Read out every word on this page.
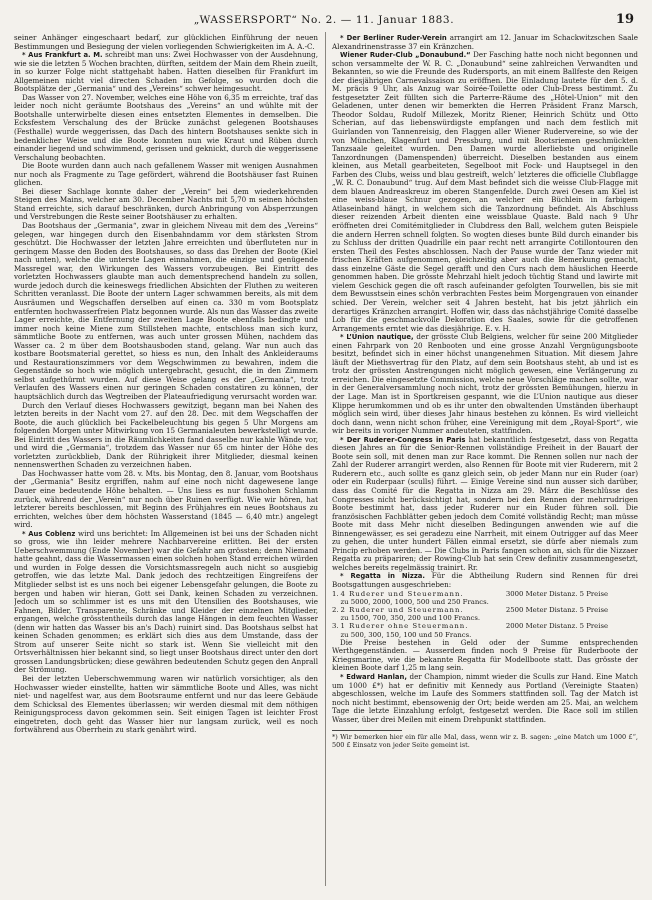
„WASSERSPORT“ No. 2. — 11. Januar 1883.	19

seiner Anhänger eingeschaart bedarf, zur glücklichen Einführung der neuen Bestimmungen und Besiegung der vielen vorliegenden Schwierigkeiten im A. A.-C.

* Aus Frankfurt a. M. schreibt man uns: Zwei Hochwasser von der Ausdehnung, wie sie die letzten 5 Wochen brachten, dürften, seitdem der Main dem Rhein zueilt, in so kurzer Folge nicht stattgehabt haben. Hatten dieselben für Frankfurt im Allgemeinen nicht viel directen Schaden im Gefolge, so wurden doch die Bootsplätze der „Germania“ und des „Vereins“ schwer heimgesucht.

Das Wasser von 27. November, welches eine Höhe von 6,35 m erreichte, traf das leider noch nicht geräumte Bootshaus des „Vereins“ an und wühlte mit der Bootshalle unterwirbelte diesen eines entsetzten Elementes in demselben. Die Ecksfestem Verschalung des der Brücke zunächst gelegenen Bootshauses (Festhalle) wurde weggerissen, das Dach des hintern Bootshauses senkte sich in bedenklicher Weise und die Boote konnten nun wie Kraut und Rüben durch einander liegend und schwimmend, gerissen und geknickt, durch die weggerissene Verschalung beobachten.

Die Boote wurden dann auch nach gefallenem Wasser mit wenigen Ausnahmen nur noch als Fragmente zu Tage gefördert, während die Bootshäuser fast Ruinen glichen.

Bei dieser Sachlage konnte daher der „Verein“ bei dem wiederkehrenden Steigen des Mains, welcher am 30. December Nachts mit 5,70 m seinen höchsten Stand erreichte, sich darauf beschränken, durch Anbringung von Absperrzungen und Verstrebungen die Reste seiner Bootshäuser zu erhalten.

Das Bootshaus der „Germania“, zwar in gleichem Niveau mit dem des „Vereins“ gelegen, war hingegen durch den Eisenbahndamm vor dem stärksten Strom geschützt. Die Hochwasser der letzten Jahre erreichten und überfluteten nur in geringem Masse den Boden des Bootshauses, so dass das Drehen der Boote (Kiel nach unten), welche die unterste Lagen einnahmen, die einzige und genügende Massregel war, den Wirkungen des Wassers vorzubeugen. Bei Eintritt des vorletzten Hochwassers glaubte man auch dementsprechend handeln zu sollen, wurde jedoch durch die keineswegs friedlichen Absichten der Fluthen zu weiteren Schritten veranlasst. Die Boote der untern Lager schwammen bereits, als mit dem Ausräumen und Wegschaffen derselben auf einen ca. 330 m vom Bootsplatz entfernten hochwasserfreien Platz begonnen wurde. Als nun das Wasser das zweite Lager erreichte, die Entfernung der zweiten Lage Boote ebenfalls bedingte und immer noch keine Miene zum Stillstehen machte, entschloss man sich kurz, sämmtliche Boote zu entfernen, was auch unter grossen Mühen, nachdem das Wasser ca. 2 m über dem Bootshausboden stand, gelang. War nun auch das kostbare Bootsmaterial gerettet, so hiess es nun, den Inhalt des Ankleideraums und Restaurationszimmers vor dem Wegschwimmen zu bewahren, indem die Gegenstände so hoch wie möglich untergebracht, gesucht, die in den Zimmern selbst aufgethürmt wurden. Auf diese Weise gelang es der „Germania“, trotz Verlaufen des Wassers einen nur geringen Schaden constatiren zu können, der hauptsächlich durch das Wegtreiben der Plateaufriedigung verursacht worden war.

Durch den Verlauf dieses Hochwassers gewitzigt, begann man bei Nahen des letzten bereits in der Nacht vom 27. auf den 28. Dec. mit dem Wegschaffen der Boote, die auch glücklich bei Fackelbeleuchtung bis gegen 5 Uhr Morgens am folgenden Morgen unter Mitwirkung von 15 Germanialeuten bewerkstelligt wurde. Bei Eintritt des Wassers in die Räumlichkeiten fand dasselbe nur kahle Wände vor, und wird die „Germania“, trotzdem das Wasser nur 65 cm hinter der Höhe des vorletzten zurückblieb, Dank der Rührigkeit ihrer Mitglieder, diesmal keinen nennenswerthen Schaden zu verzeichnen haben.

Das Hochwasser hatte vom 28. v. Mts. bis Montag, den 8. Januar, vom Bootshaus der „Germania“ Besitz ergriffen, nahm auf eine noch nicht dagewesene lange Dauer eine bedeutende Höhe behalten. — Uns liess es nur fusshohen Schlamm zurück, während der „Verein“ nur noch über Ruinen verfügt. Wie wir hören, hat letzterer bereits beschlossen, mit Beginn des Frühjahres ein neues Bootshaus zu errichten, welches über dem höchsten Wasserstand (1845 — 6,40 mtr.) angelegt wird.

* Aus Coblenz wird uns berichtet: Im Allgemeinen ist bei uns der Schaden nicht so gross, wie ihn leider mehrere Nachbarvereine erlitten. Bei der ersten Ueberschwemmung (Ende November) war die Gefahr am grössten; denn Niemand hatte geahnt, dass die Wassermassen einen solchen hohen Stand erreichen würden und wurden in Folge dessen die Vorsichtsmassregeln auch nicht so ausgiebig getroffen, wie das letzte Mal. Dank jedoch des rechtzeitigen Eingreifens der Mitglieder selbst ist es uns noch bei eigener Lebensgefahr gelungen, die Boote zu bergen und haben wir hieran, Gott sei Dank, keinen Schaden zu verzeichnen. Jedoch um so schlimmer ist es uns mit den Utensilien des Bootshauses, wie Fahnen, Bilder, Transparente, Schränke und Kleider der einzelnen Mitglieder, ergangen, welche grösstentheils durch das lange Hängen in dem feuchten Wasser (denn wir hatten das Wasser bis an's Dach) ruinirt sind. Das Bootshaus selbst hat keinen Schaden genommen; es erklärt sich dies aus dem Umstande, dass der Strom auf unserer Seite nicht so stark ist. Wenn Sie vielleicht mit den Ortsverhältnissen hier bekannt sind, so liegt unser Bootshaus direct unter den dort grossen Landungsbrücken; diese gewähren bedeutenden Schutz gegen den Anprall der Strömung.

Bei der letzten Ueberschwemmung waren wir natürlich vorsichtiger, als den Hochwasser wieder einstellte, hatten wir sämmtliche Boote und Alles, was nicht niet- und nagelfest war, aus dem Bootsraume entfernt und nur das leere Gebäude dem Schicksal des Elementes überlassen; wir werden diesmal mit dem nöthigen Reinigungsprocess davon gekommen sein. Seit einigen Tagen ist leichter Frost eingetreten, doch geht das Wasser hier nur langsam zurück, weil es noch fortwährend aus Oberrhein zu stark genährt wird.

* Der Berliner Ruder-Verein arrangirt am 12. Januar im Schackwitzschen Saale Alexandrinenstrasse 37 ein Kränzchen.

Wiener Ruder-Club „Donaubund.“ Der Fasching hatte noch nicht begonnen und schon versammelte der W. R. C. „Donaubund“ seine zahlreichen Verwandten und Bekannten, so wie die Freunde des Rudersports, an mit einem Ballfeste den Reigen der diesjährigen Carnevalssaison zu eröffnen. Die Einladung lautete für den 5. d. M. präcis 9 Uhr, als Anzug war Soirée-Toilette oder Club-Dress bestimmt. Zu festgesetzter Zeit füllten sich die Parterre-Räume des „Hôtel-Union“ mit den Geladenen, unter denen wir bemerkten die Herren Präsident Franz Marsch, Theodor Soldau, Rudolf Millezek, Moritz Riener, Heinrich Schütz und Otto Scherian, auf das liebenswürdigste empfangen und nach dem festlich mit Guirlanden von Tannenreisig, den Flaggen aller Wiener Rudervereine, so wie der von München, Klagenfurt und Pressburg, und mit Bootsriemen geschmückten Tanzsaale geleitet wurden. Den Damen wurde allerliebste und originelle Tanzordnungen (Damenspenden) überreicht. Dieselben bestanden aus einem kleinen, aus Metall gearbeiteten, Segelboot mit Fock- und Hauptsegel in den Farben des Clubs, weiss und blau gestreift, welch’ letzteres die officielle Clubflagge „W. R. C. Donaubund“ trug. Auf dem Mast befindet sich die weisse Club-Flagge mit dem blauen Andreaskreuz im oberen Stangenfelde. Durch zwei Oesen am Kiel ist eine weiss-blaue Schnur gezogen, an welcher ein Büchlein in farbigem Atlaseinband hängt, in welchem sich die Tanzordnung befindet. Als Abschluss dieser reizenden Arbeit dienten eine weissblaue Quaste. Bald nach 9 Uhr eröffneten drei Comitémitglieder in Clubdress den Ball, welchem guten Beispiele die andern Herren schnell folgten. So wogten dieses bunte Bild durch einander bis zu Schluss der dritten Quadrille ein paar recht nett arrangirte Cotillontouren den ersten Theil des Festes abschlossen. Nach der Pause wurde der Tanz wieder mit frischen Kräften aufgenommen, gleichzeitig aber auch die Bemerkung gemacht, dass einzelne Gäste die Segel gerafft und den Curs nach dem häuslichen Heerde genommen haben. Die grösste Mehrzahl hielt jedoch tüchtig Stand und lawirte mit vielem Geschick gegen die oft rasch aufeinander gefolgten Tourwellen, bis sie mit dem Bewusstsein eines schön verbrachten Festes beim Morgengrauen von einander schied. Der Verein, welcher seit 4 Jahren besteht, hat bis jetzt jährlich ein derartiges Kränzchen arrangirt. Hoffen wir, dass das nächstjährige Comité dasselbe Lob für die geschmackvolle Dekoration des Saales, sowie für die getroffenen Arrangements erntet wie das diesjährige. E. v. H.

* L’Union nautique, der grösste Club Belgiens, welcher für seine 200 Mitglieder einen Fahrpark von 20 Renbooten und eine grosse Anzahl Vergnügungsboote besitzt, befindet sich in einer höchst unangenehmen Situation. Mit diesem Jahre läuft der Miethsvertrag für den Platz, auf dem sein Bootshaus steht, ab und ist es trotz der grössten Anstrengungen nicht möglich gewesen, eine Verlängerung zu erreichen. Die eingesetzte Commission, welche neue Vorschläge machen sollte, war in der Generalversammlung noch nicht, trotz der grössten Bemühungen, hierzu in der Lage. Man ist in Sportkreisen gespannt, wie die L’Union nautique aus dieser Klippe herumkommen und ob es ihr unter den obwaltenden Umständen überhaupt möglich sein wird, über dieses Jahr hinaus bestehen zu können. Es wird vielleicht doch dann, wenn nicht schon früher, eine Vereinigung mit dem „Royal-Sport“, wie wir bereits in voriger Nummer andeuteten, stattfinden.

* Der Ruderer-Congress in Paris hat bekanntlich festgesetzt, dass von Regatta diesen Jahres an für die Senior-Rennen vollständige Freiheit in der Bauart der Boote sein soll, mit denen man zur Race kommt. Die Rennen sollen nur nach der Zahl der Ruderer arrangirt werden, also Rennen für Boote mit vier Ruderern, mit 2 Ruderern etc., auch sollte es ganz gleich sein, ob jeder Mann nur ein Ruder (oar) oder ein Ruderpaar (sculls) führt. — Einige Vereine sind nun ausser sich darüber, dass das Comité für die Regatta in Nizza am 29. März die Beschlüsse des Congresses nicht berücksichtigt hat, sondern bei den Rennen der mehrrudrigen Boote bestimmt hat, dass jeder Ruderer nur ein Ruder führen soll. Die französischen Fachblätter geben jedoch dem Comité vollständig Recht; man müsse Boote mit dass Mehr nicht dieselben Bedingungen anwenden wie auf die Binnengewässer, es sei geradezu eine Narrheit, mit einem Outrigger auf das Meer zu gehen, die unter hundert Fällen einmal ersetzt, sie dürfe aber niemals zum Princip erhoben werden. — Die Clubs in Paris fangen schon an, sich für die Nizzaer Regatta zu präpariren; der Rowing-Club hat sein Crew definitiv zusammengesetzt, welches bereits regelmässig trainirt. Rr.

* Regatta in Nizza. Für die Abtheilung Rudern sind Rennen für drei Bootsgattungen ausgeschrieben:

1.	4 Ruderer und Steuermann.	3000 Meter Distanz. 5 Preise
	zu 5000, 2000, 1000, 500 und 250 Francs.	
2.	2 Ruderer und Steuermann.	2500 Meter Distanz. 5 Preise
	zu 1500, 700, 350, 200 und 100 Francs.	
3.	1 Ruderer ohne Steuermann.	2000 Meter Distanz. 5 Preise
	zu 500, 300, 150, 100 und 50 Francs.	

Die Preise bestehen in Geld oder der Summe entsprechenden Werthgegenständen. — Ausserdem finden noch 9 Preise für Ruderboote der Kriegsmarine, wie die bekannte Regatta für Modellboote statt. Das grösste der kleinen Boote darf 1,25 m lang sein.

* Edward Hanlan, der Champion, nimmt wieder die Sculls zur Hand. Eine Match um 1000 £*) hat er definitiv mit Kennedy aus Portland (Vereinigte Staaten) abgeschlossen, welche im Laufe des Sommers stattfinden soll. Tag der Match ist noch nicht bestimmt, ebensowenig der Ort; beide werden am 25. Mai, an welchem Tage die letzte Einzahlung erfolgt, festgesetzt werden. Die Race soll im stillen Wasser, über drei Meilen mit einem Drehpunkt stattfinden.

*) Wir bemerken hier ein für alle Mal, dass, wenn wir z. B. sagen: „eine Match um 1000 £“, 500 £ Einsatz von jeder Seite gemeint ist.
